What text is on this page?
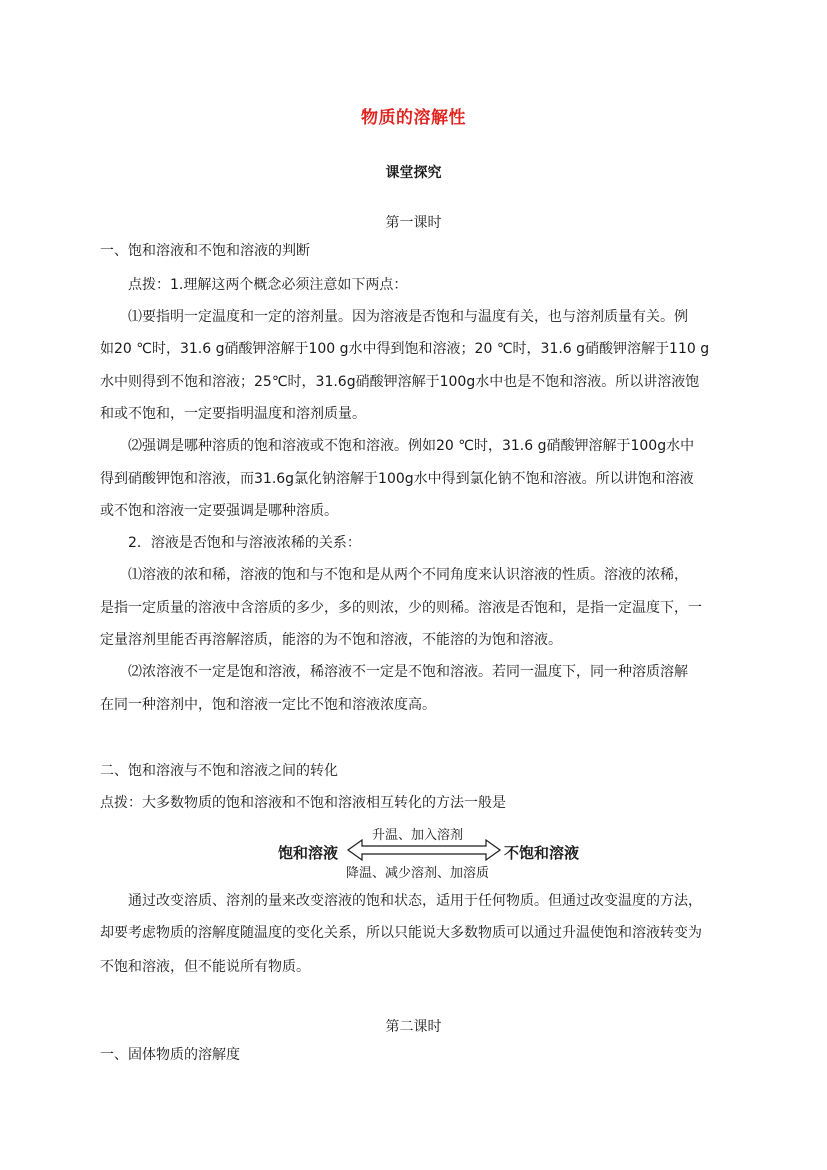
物质的溶解性
课堂探究
第一课时
一、饱和溶液和不饱和溶液的判断
点拨：1.理解这两个概念必须注意如下两点：
⑴要指明一定温度和一定的溶剂量。因为溶液是否饱和与温度有关，也与溶剂质量有关。例
如20 ℃时，31.6 g硝酸钾溶解于100 g水中得到饱和溶液；20 ℃时，31.6 g硝酸钾溶解于110 g
水中则得到不饱和溶液；25℃时，31.6g硝酸钾溶解于100g水中也是不饱和溶液。所以讲溶液饱
和或不饱和，一定要指明温度和溶剂质量。
⑵强调是哪种溶质的饱和溶液或不饱和溶液。例如20 ℃时，31.6 g硝酸钾溶解于100g水中
得到硝酸钾饱和溶液，而31.6g氯化钠溶解于100g水中得到氯化钠不饱和溶液。所以讲饱和溶液
或不饱和溶液一定要强调是哪种溶质。
2．溶液是否饱和与溶液浓稀的关系：
⑴溶液的浓和稀，溶液的饱和与不饱和是从两个不同角度来认识溶液的性质。溶液的浓稀，
是指一定质量的溶液中含溶质的多少，多的则浓，少的则稀。溶液是否饱和，是指一定温度下，一
定量溶剂里能否再溶解溶质，能溶的为不饱和溶液，不能溶的为饱和溶液。
⑵浓溶液不一定是饱和溶液，稀溶液不一定是不饱和溶液。若同一温度下，同一种溶质溶解
在同一种溶剂中，饱和溶液一定比不饱和溶液浓度高。
二、饱和溶液与不饱和溶液之间的转化
点拨：大多数物质的饱和溶液和不饱和溶液相互转化的方法一般是
饱和溶液
升温、加入溶剂
不饱和溶液
降温、减少溶剂、加溶质
通过改变溶质、溶剂的量来改变溶液的饱和状态，适用于任何物质。但通过改变温度的方法，
却要考虑物质的溶解度随温度的变化关系，所以只能说大多数物质可以通过升温使饱和溶液转变为
不饱和溶液，但不能说所有物质。
第二课时
一、固体物质的溶解度
